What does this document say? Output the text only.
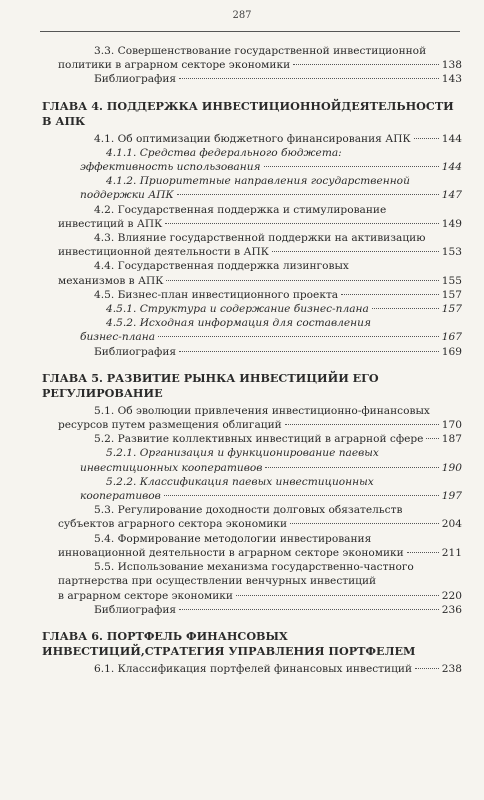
287
3.3. Совершенствование государственной инвестиционной
политики в аграрном секторе экономики	138
Библиография	143
ГЛАВА 4. ПОДДЕРЖКА ИНВЕСТИЦИОННОЙДЕЯТЕЛЬНОСТИ В АПК
4.1. Об оптимизации бюджетного финансирования АПК	144
4.1.1. Средства федерального бюджета:
эффективность использования	144
4.1.2. Приоритетные направления государственной
поддержки АПК	147
4.2. Государственная поддержка и стимулирование
инвестиций в АПК	149
4.3. Влияние государственной поддержки на активизацию
инвестиционной деятельности в АПК	153
4.4. Государственная поддержка лизинговых
механизмов в АПК	155
4.5. Бизнес-план инвестиционного проекта	157
4.5.1. Структура и содержание бизнес-плана	157
4.5.2. Исходная информация для составления
бизнес-плана	167
Библиография	169
ГЛАВА 5. РАЗВИТИЕ РЫНКА ИНВЕСТИЦИЙИ ЕГО РЕГУЛИРОВАНИЕ
5.1. Об эволюции привлечения инвестиционно-финансовых
ресурсов путем размещения облигаций	170
5.2. Развитие коллективных инвестиций в аграрной сфере 187
5.2.1. Организация и функционирование паевых
инвестиционных кооперативов	190
5.2.2. Классификация паевых инвестиционных
кооперативов	197
5.3. Регулирование доходности долговых обязательств
субъектов аграрного сектора экономики	204
5.4. Формирование методологии инвестирования
инновационной деятельности в аграрном секторе экономики	211
5.5. Использование механизма государственно-частного
партнерства при осуществлении венчурных инвестиций
в аграрном секторе экономики	220
Библиография	236
ГЛАВА 6. ПОРТФЕЛЬ ФИНАНСОВЫХ ИНВЕСТИЦИЙ,СТРАТЕГИЯ УПРАВЛЕНИЯ ПОРТФЕЛЕМ
6.1. Классификация портфелей финансовых инвестиций	238
